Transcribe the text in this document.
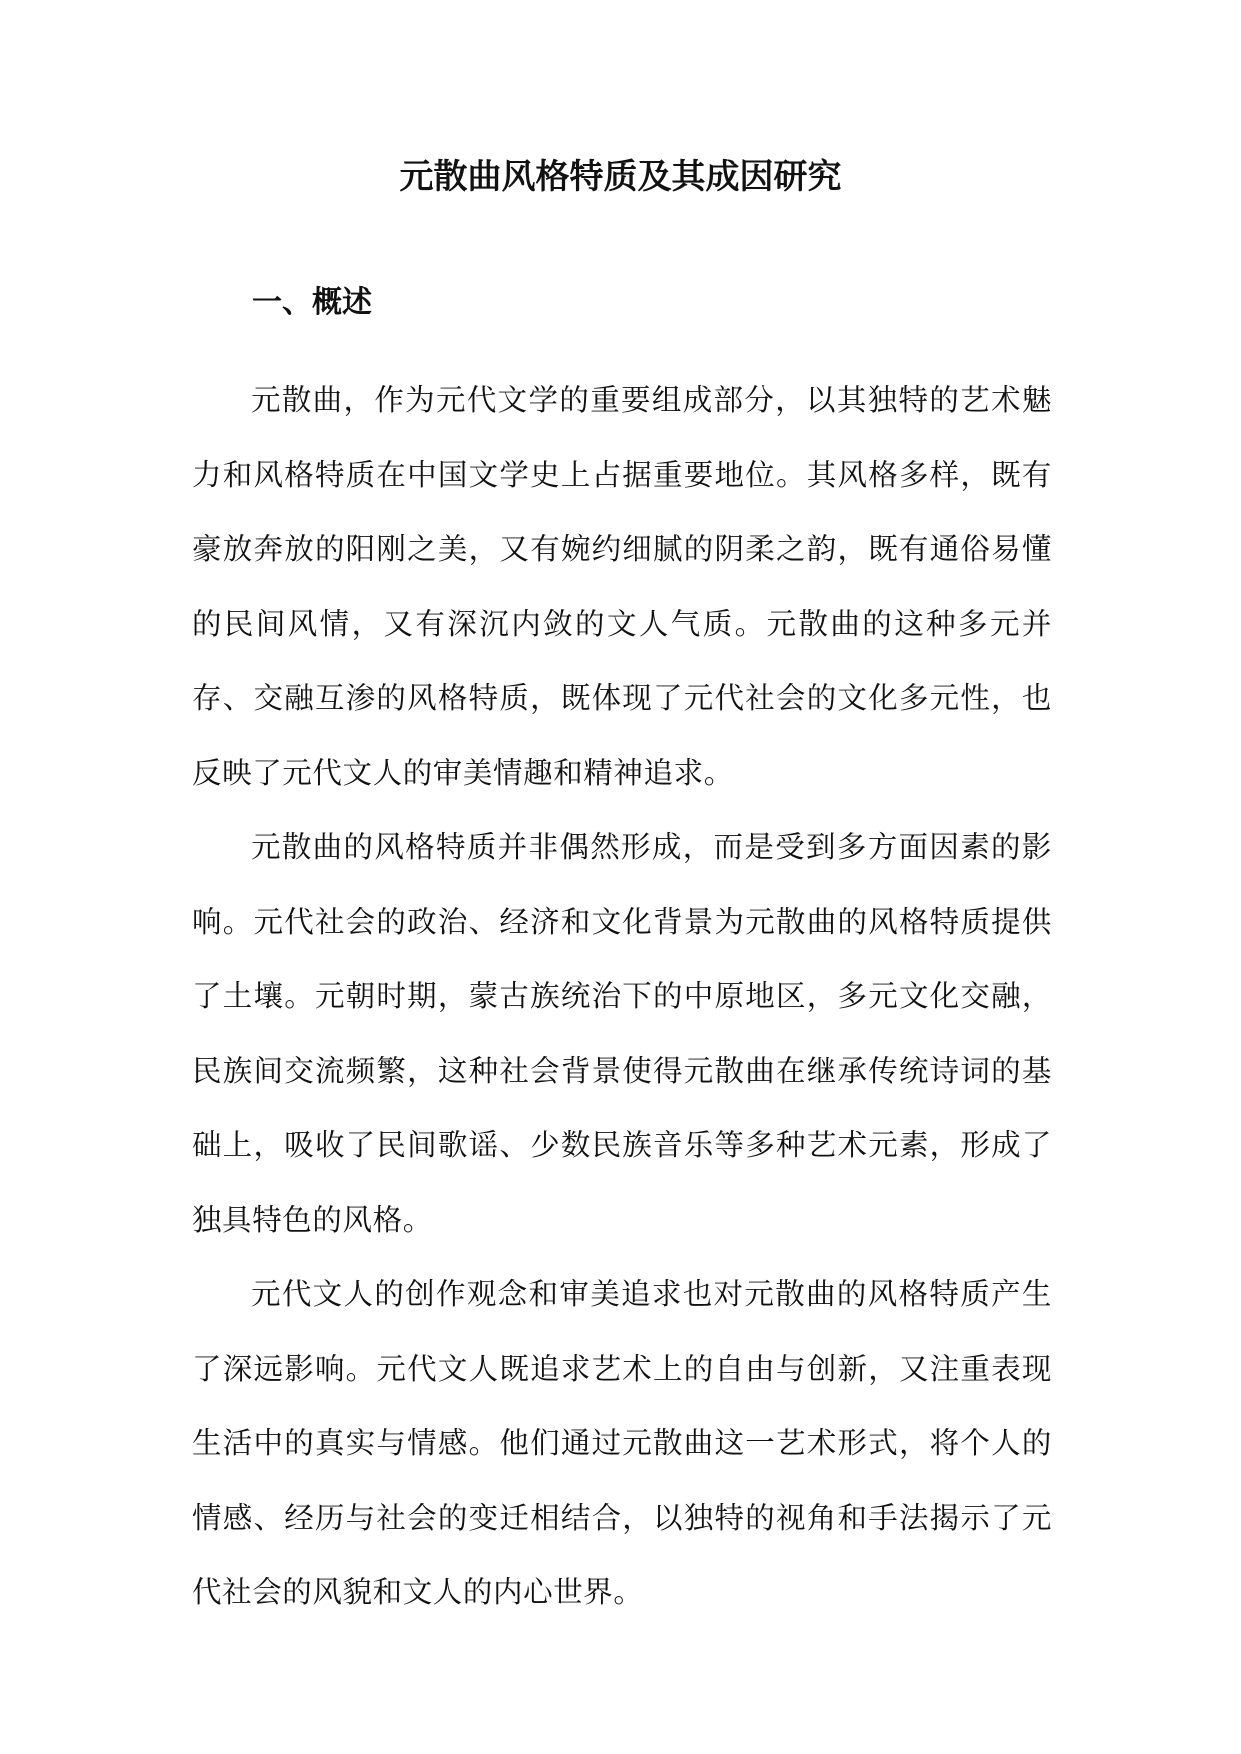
元散曲风格特质及其成因研究
一、概述

元散曲，作为元代文学的重要组成部分，以其独特的艺术魅力和风格特质在中国文学史上占据重要地位。其风格多样，既有豪放奔放的阳刚之美，又有婉约细腻的阴柔之韵，既有通俗易懂的民间风情，又有深沉内敛的文人气质。元散曲的这种多元并存、交融互渗的风格特质，既体现了元代社会的文化多元性，也反映了元代文人的审美情趣和精神追求。

元散曲的风格特质并非偶然形成，而是受到多方面因素的影响。元代社会的政治、经济和文化背景为元散曲的风格特质提供了土壤。元朝时期，蒙古族统治下的中原地区，多元文化交融，民族间交流频繁，这种社会背景使得元散曲在继承传统诗词的基础上，吸收了民间歌谣、少数民族音乐等多种艺术元素，形成了独具特色的风格。

元代文人的创作观念和审美追求也对元散曲的风格特质产生了深远影响。元代文人既追求艺术上的自由与创新，又注重表现生活中的真实与情感。他们通过元散曲这一艺术形式，将个人的情感、经历与社会的变迁相结合，以独特的视角和手法揭示了元代社会的风貌和文人的内心世界。
